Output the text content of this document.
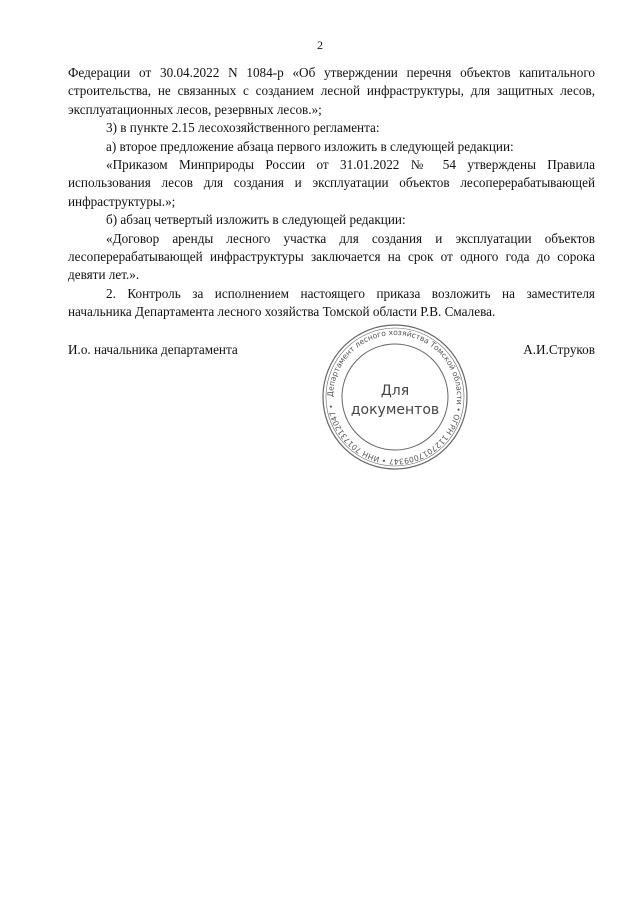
2

Федерации от 30.04.2022 N 1084-р «Об утверждении перечня объектов капитального строительства, не связанных с созданием лесной инфраструктуры, для защитных лесов, эксплуатационных лесов, резервных лесов.»;

3) в пункте 2.15 лесохозяйственного регламента:

а) второе предложение абзаца первого изложить в следующей редакции:

«Приказом Минприроды России от 31.01.2022 № 54 утверждены Правила использования лесов для создания и эксплуатации объектов лесоперерабатывающей инфраструктуры.»;

б) абзац четвертый изложить в следующей редакции:

«Договор аренды лесного участка для создания и эксплуатации объектов лесоперерабатывающей инфраструктуры заключается на срок от одного года до сорока девяти лет.».

2. Контроль за исполнением настоящего приказа возложить на заместителя начальника Департамента лесного хозяйства Томской области Р.В. Смалева.

И.о. начальника департамента	А.И.Струков
Департамент лесного хозяйства Томской области • ОГРН 1127017009347 • ИНН 7017312047 •
Для
документов
